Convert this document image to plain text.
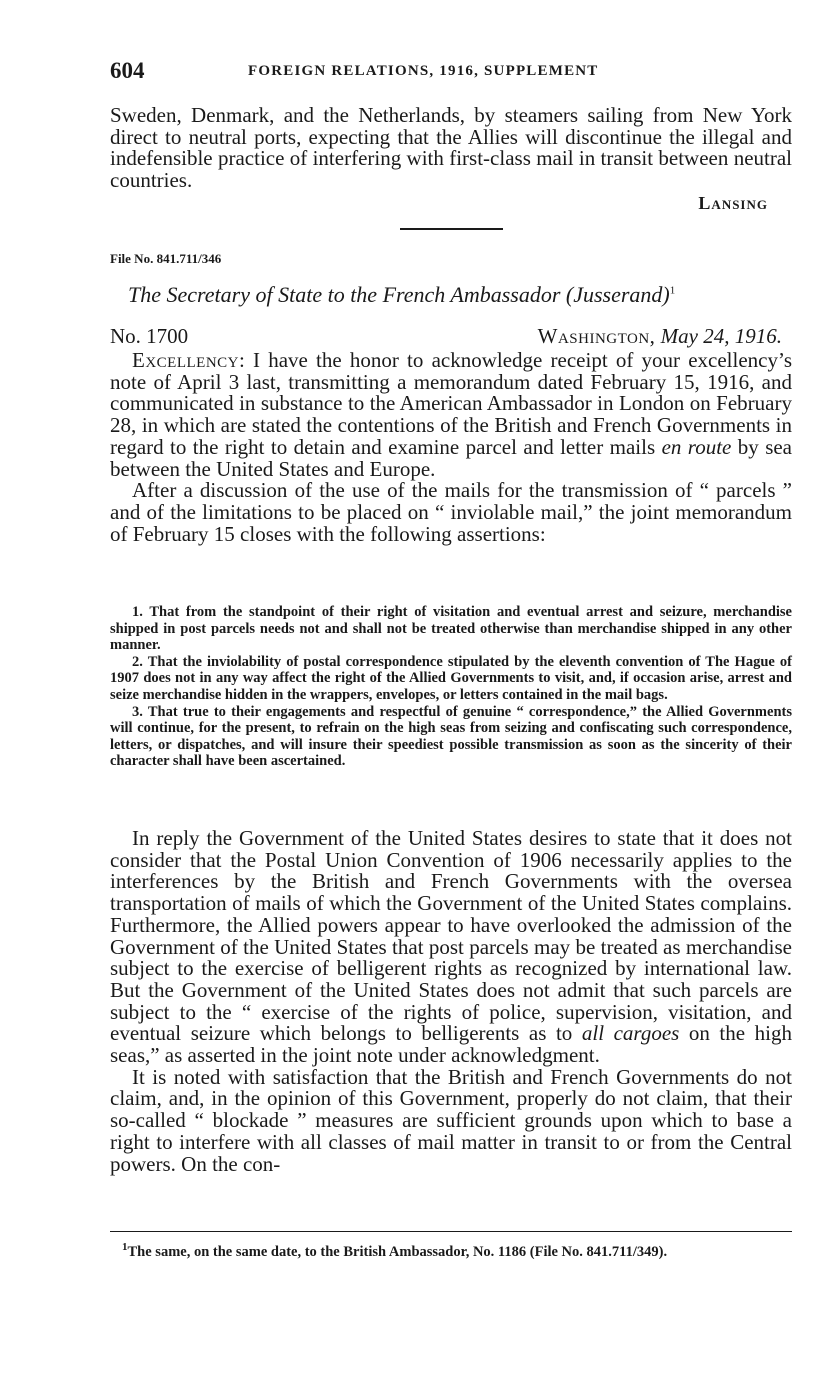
604	FOREIGN RELATIONS, 1916, SUPPLEMENT

Sweden, Denmark, and the Netherlands, by steamers sailing from New York direct to neutral ports, expecting that the Allies will discontinue the illegal and indefensible practice of interfering with first-class mail in transit between neutral countries.

Lansing
File No. 841.711/346
The Secretary of State to the French Ambassador (Jusserand)$^1$
No. 1700	Washington, May 24, 1916.

Excellency: I have the honor to acknowledge receipt of your excellency’s note of April 3 last, transmitting a memorandum dated February 15, 1916, and communicated in substance to the American Ambassador in London on February 28, in which are stated the contentions of the British and French Governments in regard to the right to detain and examine parcel and letter mails en route by sea between the United States and Europe.

After a discussion of the use of the mails for the transmission of “ parcels ” and of the limitations to be placed on “ inviolable mail,” the joint memorandum of February 15 closes with the following assertions:

1. That from the standpoint of their right of visitation and eventual arrest and seizure, merchandise shipped in post parcels needs not and shall not be treated otherwise than merchandise shipped in any other manner.

2. That the inviolability of postal correspondence stipulated by the eleventh convention of The Hague of 1907 does not in any way affect the right of the Allied Governments to visit, and, if occasion arise, arrest and seize merchandise hidden in the wrappers, envelopes, or letters contained in the mail bags.

3. That true to their engagements and respectful of genuine “ correspondence,” the Allied Governments will continue, for the present, to refrain on the high seas from seizing and confiscating such correspondence, letters, or dispatches, and will insure their speediest possible transmission as soon as the sincerity of their character shall have been ascertained.

In reply the Government of the United States desires to state that it does not consider that the Postal Union Convention of 1906 necessarily applies to the interferences by the British and French Governments with the oversea transportation of mails of which the Government of the United States complains. Furthermore, the Allied powers appear to have overlooked the admission of the Government of the United States that post parcels may be treated as merchandise subject to the exercise of belligerent rights as recognized by international law. But the Government of the United States does not admit that such parcels are subject to the “ exercise of the rights of police, supervision, visitation, and eventual seizure which belongs to belligerents as to all cargoes on the high seas,” as asserted in the joint note under acknowledgment.

It is noted with satisfaction that the British and French Governments do not claim, and, in the opinion of this Government, properly do not claim, that their so-called “ blockade ” measures are sufficient grounds upon which to base a right to interfere with all classes of mail matter in transit to or from the Central powers. On the con-

$^1$The same, on the same date, to the British Ambassador, No. 1186 (File No. 841.711/349).
